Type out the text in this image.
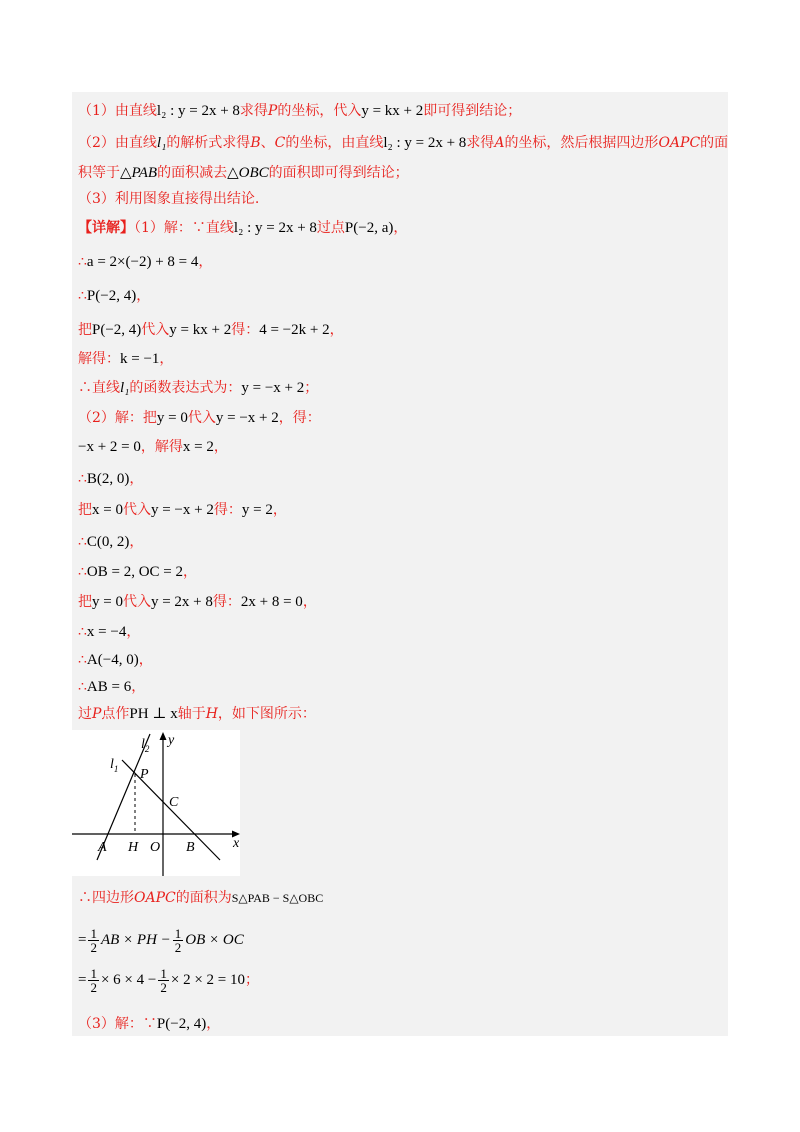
（1）由直线l₂ : y = 2x + 8求得P的坐标，代入y = kx + 2即可得到结论；
（2）由直线l₁的解析式求得B、C的坐标，由直线l₂ : y = 2x + 8求得A的坐标，然后根据四边形OAPC的面
积等于△PAB的面积减去△OBC的面积即可得到结论；
（3）利用图象直接得出结论.
【详解】（1）解：∵直线l₂ : y = 2x + 8过点P(−2, a)，
∴a = 2×(−2) + 8 = 4，
∴P(−2, 4)，
把P(−2, 4)代入y = kx + 2得：4 = −2k + 2，
解得：k = −1，
∴直线l₁的函数表达式为：y = −x + 2；
（2）解：把y = 0代入y = −x + 2，得：
−x + 2 = 0，解得x = 2，
∴B(2, 0)，
把x = 0代入y = −x + 2得：y = 2，
∴C(0, 2)，
∴OB = 2, OC = 2，
把y = 0代入y = 2x + 8得：2x + 8 = 0，
∴x = −4，
∴A(−4, 0)，
∴AB = 6，
过P点作PH ⊥ x轴于H，如下图所示：
y
x
$l_2$
$l_1$ P
C
A H O B
∴四边形OAPC的面积为S△PAB − S△OBC
= $\frac{1}{2}$ AB × PH − $\frac{1}{2}$ OB × OC
= $\frac{1}{2} \times 6 \times 4 - \frac{1}{2} \times 2 \times 2 = 10$；
（3）解：∵P(−2, 4)，
